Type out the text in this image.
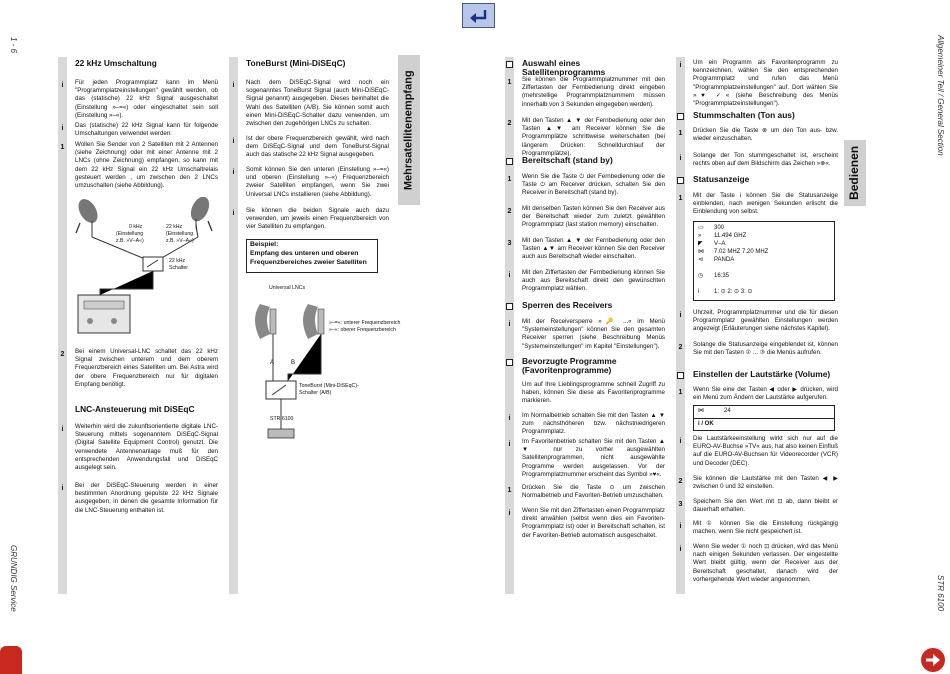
1 - 6
GRUNDIG Service
Allgemeiner Teil / General Section
STR 6100
22 kHz Umschaltung
i	Für jeden Programmplatz kann im Menü "Programmplatzeinstellungen" gewählt werden, ob das (statische) 22 kHz Signal ausgeschaltet (Einstellung »–=«) oder eingeschaltet sein soll (Einstellung »–«).
i	Das (statische) 22 kHz Signal kann für folgende Umschaltungen verwendet werden:
1	Wollen Sie Sender von 2 Satelliten mit 2 Antennen (siehe Zeichnung) oder mit einer Antenne mit 2 LNCs (ohne Zeichnung) empfangen, so kann mit dem 22 kHz Signal ein 22 kHz Umschaltrelais gesteuert werden , um zwischen den 2 LNCs umzuschalten (siehe Abbildung).
0 kHz
(Einstellung
z.B. »V–A«)
22 kHz
(Einstellung
z.B. »V–A«)
22 kHz
Schalter
2	Bei einem Universal-LNC schaltet das 22 kHz Signal zwischen unterem und dem oberem Frequenzbereich eines Satelliten um. Bei Astra wird der obere Frequenzbereich nur für digitalen Empfang benötigt.
LNC-Ansteuerung mit DiSEqC
i	Weiterhin wird die zukunftsorientierte digitale LNC-Steuerung mittels sogenanntem DiSEqC-Signal (Digital Satellite Equipment Control) genutzt. Die verwendete Antennenanlage muß für den entsprechenden Anwendungsfall und DiSEqC ausgelegt sein.
i	Bei der DiSEqC-Steuerung werden in einer bestimmten Anordnung gepulste 22 kHz Signale ausgegeben, in denen die gesamte Information für die LNC-Steuerung enthalten ist.
ToneBurst (Mini-DiSEqC)
i	Nach dem DiSEqC-Signal wird noch ein sogenanntes ToneBurst Signal (auch Mini-DiSEqC-Signal genannt) ausgegeben. Dieses beinhaltet die Wahl des Satelliten (A/B). Sie können somit auch einen Mini-DiSEqC-Schalter dazu verwenden, um zwischen den zugehörigen LNCs zu schalten.
i	Ist der obere Frequenzbereich gewählt, wird nach dem DiSEqC-Signal und dem ToneBurst-Signal auch das statische 22 kHz Signal ausgegeben.
i	Somit können Sie den unteren (Einstellung »–=«) und oberen (Einstellung »–«) Frequenzbereich zweier Satelliten empfangen, wenn Sie zwei Universal LNCs installieren (siehe Abbildung).
i	Sie können die beiden Signale auch dazu verwenden, um jeweils einen Frequenzbereich von vier Satelliten zu empfangen.
Beispiel:
Empfang des unteren und oberen
Frequenzbereiches zweier Satelliten
Universal LNCs
»–=«: unterer Frequenzbereich
»–«: oberer Frequenzbereich
A	B
ToneBurst (Mini-DiSEqC)-
Schalter (A/B)
STR 6100
Mehrsatellitenempfang
Auswahl eines Satellitenprogramms
1	Sie können die Programmplatznummer mit den Ziffertasten der Fernbedienung direkt eingeben (mehrstellige Programmplatznummern müssen innerhalb von 3 Sekunden eingegeben werden).
2	Mit den Tasten ▲ ▼ der Fernbedienung oder den Tasten ▲▼ am Receiver können Sie die Programmplätze schrittweise weiterschalten (bei längerem Drücken: Schnelldurchlauf der Programmplätze).
Bereitschaft (stand by)
1	Wenn Sie die Taste ⏻ der Fernbedienung oder die Taste ⏻ am Receiver drücken, schalten Sie den Receiver in Bereitschaft (stand by).
2	Mit denselben Tasten können Sie den Receiver aus der Bereitschaft wieder zum zuletzt gewählten Programmplatz (last station memory) einschalten.
3	Mit den Tasten ▲ ▼ der Fernbedienung oder den Tasten ▲▼ am Receiver können Sie den Receiver auch aus Bereitschaft wieder einschalten.
i	Mit den Ziffertasten der Fernbedienung können Sie auch aus Bereitschaft direkt den gewünschten Programmplatz wählen.
Sperren des Receivers
i	Mit der Receiversperre »🔑 ...« im Menü "Systemeinstellungen" können Sie den gesamten Receiver sperren (siehe Beschreibung Menüs "Systemeinstellungen" im Kapitel "Einstellungen").
Bevorzugte Programme
(Favoritenprogramme)
Um auf Ihre Lieblingsprogramme schnell Zugriff zu haben, können Sie diese als Favoritenprogramme markieren.
i	Im Normalbetrieb schalten Sie mit den Tasten ▲ ▼ zum nächsthöheren bzw. nächstniedrigeren Programmplatz.
i	Im Favoritenbetrieb schalten Sie mit den Tasten ▲ ▼ nur zu vorher ausgewählten Satellitenprogrammen, nicht ausgewählte Programme werden ausgelassen. Vor der Programmplatznummer erscheint das Symbol »♥«.
1	Drücken Sie die Taste ⊙ um zwischen Normalbetrieb und Favoriten-Betrieb umzuschalten.
i	Wenn Sie mit den Ziffertasten einen Programmplatz direkt anwählen (selbst wenn dies ein Favoriten-Programmplatz ist) oder in Bereitschaft schalten, ist der Favoriten-Betrieb automatisch ausgeschaltet.
i	Um ein Programm als Favoritenprogramm zu kennzeichnen, wählen Sie den entsprechenden Programmplatz und rufen das Menü "Programmplatzeinstellungen" auf. Dort wählen Sie »♥ ✓« (siehe Beschreibung des Menüs "Programmplatzeinstellungen").
Stummschalten (Ton aus)
1	Drücken Sie die Taste ⊗ um den Ton aus- bzw. wieder einzuschalten.
i	Solange der Ton stummgeschaltet ist, erscheint rechts oben auf dem Bildschirm das Zeichen »⊗«.
Statusanzeige
1	Mit der Taste i können Sie die Statusanzeige einblenden, nach wenigen Sekunden erlischt die Einblendung von selbst.
▭ 300
» 11.494 GHZ
◤ V–A
⋈ 7.02 MHZ 7.20 MHZ
⊲ PANDA
◷ 16:35
i 1: ⊙ 2: ⊙ 3: ⊙
i	Uhrzeit, Programmplatznummer und die für diesen Programmplatz gewählten Einstellungen werden angezeigt (Erläuterungen siehe nächstes Kapitel).
2	Solange die Statusanzeige eingeblendet ist, können Sie mit den Tasten ① ... ③ die Menüs aufrufen.
Einstellen der Lautstärke (Volume)
1	Wenn Sie eine der Tasten ◀ oder ▶ drücken, wird ein Menü zum Ändern der Lautstärke aufgerufen.
⋈	24
i / OK
i	Die Lautstärkeeinstellung wirkt sich nur auf die EURO-AV-Buchse »TV« aus, hat also keinen Einfluß auf die EURO-AV-Buchsen für Videorecorder (VCR) und Decoder (DEC).
2	Sie können die Lautstärke mit den Tasten ◀ ▶ zwischen 0 und 32 einstellen.
3	Speichern Sie den Wert mit ⊡ ab, dann bleibt er dauerhaft erhalten.
i	Mit ① können Sie die Einstellung rückgängig machen, wenn Sie nicht gespeichert ist.
i	Wenn Sie weder ① noch ⊡ drücken, wird das Menü nach einigen Sekunden verlassen. Der eingestellte Wert bleibt gültig, wenn der Receiver aus der Bereitschaft geschaltet, danach wird der vorhergehende Wert wieder angenommen.
Bedienen
